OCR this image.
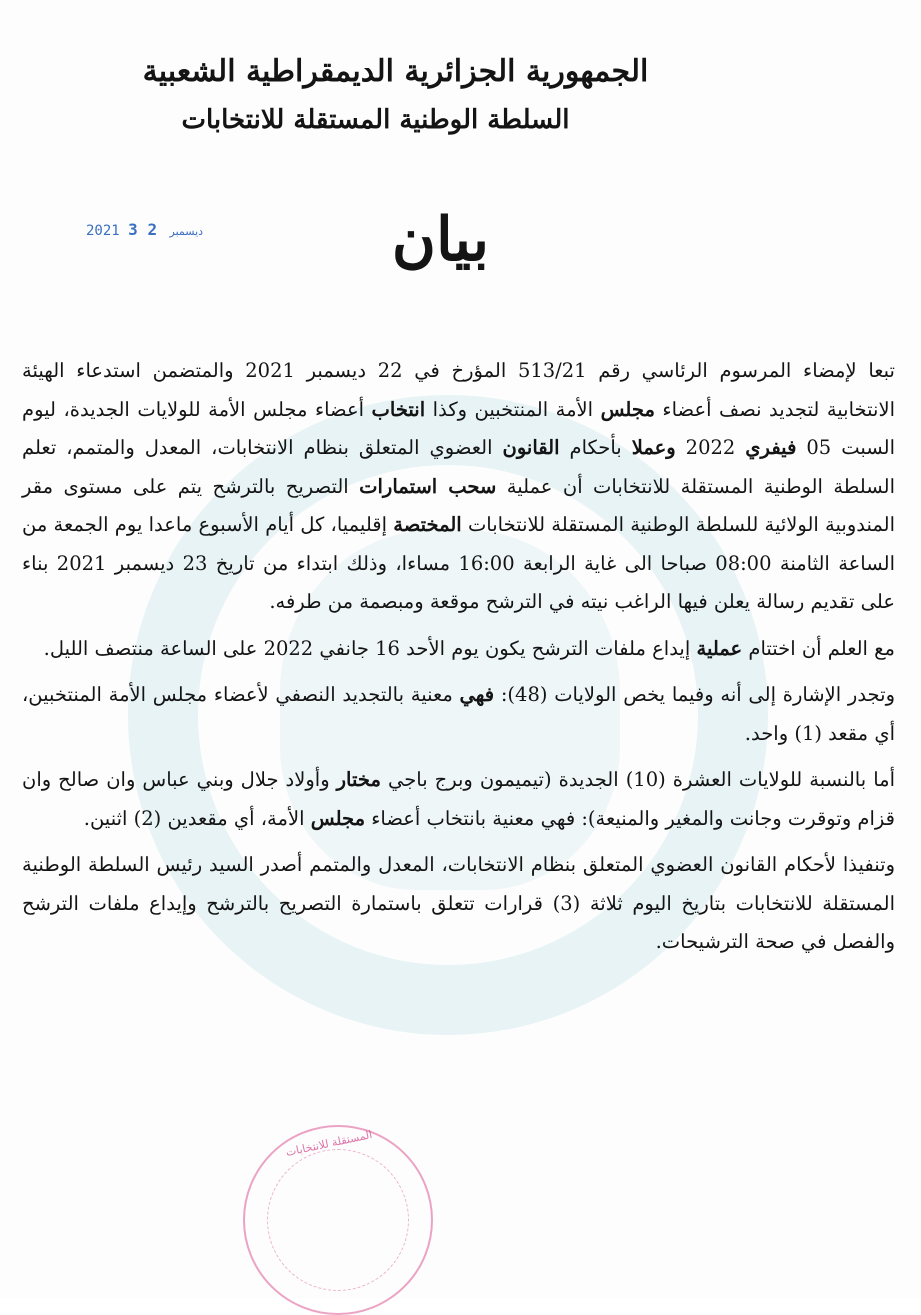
الجمهورية الجزائرية الديمقراطية الشعبية
السلطة الوطنية المستقلة للانتخابات
2021	ديسمبر 2 3	بيان

تبعا لإمضاء المرسوم الرئاسي رقم 513/21 المؤرخ في 22 ديسمبر 2021 والمتضمن استدعاء الهيئة الانتخابية لتجديد نصف أعضاء مجلس الأمة المنتخبين وكذا انتخاب أعضاء مجلس الأمة للولايات الجديدة، ليوم السبت 05 فيفري 2022 وعملا بأحكام القانون العضوي المتعلق بنظام الانتخابات، المعدل والمتمم، تعلم السلطة الوطنية المستقلة للانتخابات أن عملية سحب استمارات التصريح بالترشح يتم على مستوى مقر المندوبية الولائية للسلطة الوطنية المستقلة للانتخابات المختصة إقليميا، كل أيام الأسبوع ماعدا يوم الجمعة من الساعة الثامنة 08:00 صباحا الى غاية الرابعة 16:00 مساءا، وذلك ابتداء من تاريخ 23 ديسمبر 2021 بناء على تقديم رسالة يعلن فيها الراغب نيته في الترشح موقعة ومبصمة من طرفه.

مع العلم أن اختتام عملية إيداع ملفات الترشح يكون يوم الأحد 16 جانفي 2022 على الساعة منتصف الليل.

وتجدر الإشارة إلى أنه وفيما يخص الولايات (48): فهي معنية بالتجديد النصفي لأعضاء مجلس الأمة المنتخبين، أي مقعد (1) واحد.

أما بالنسبة للولايات العشرة (10) الجديدة (تيميمون وبرج باجي مختار وأولاد جلال وبني عباس وان صالح وان قزام وتوقرت وجانت والمغير والمنيعة): فهي معنية بانتخاب أعضاء مجلس الأمة، أي مقعدين (2) اثنين.

وتنفيذا لأحكام القانون العضوي المتعلق بنظام الانتخابات، المعدل والمتمم أصدر السيد رئيس السلطة الوطنية المستقلة للانتخابات بتاريخ اليوم ثلاثة (3) قرارات تتعلق باستمارة التصريح بالترشح وإيداع ملفات الترشح والفصل في صحة الترشيحات.

المستقلة للانتخابات
